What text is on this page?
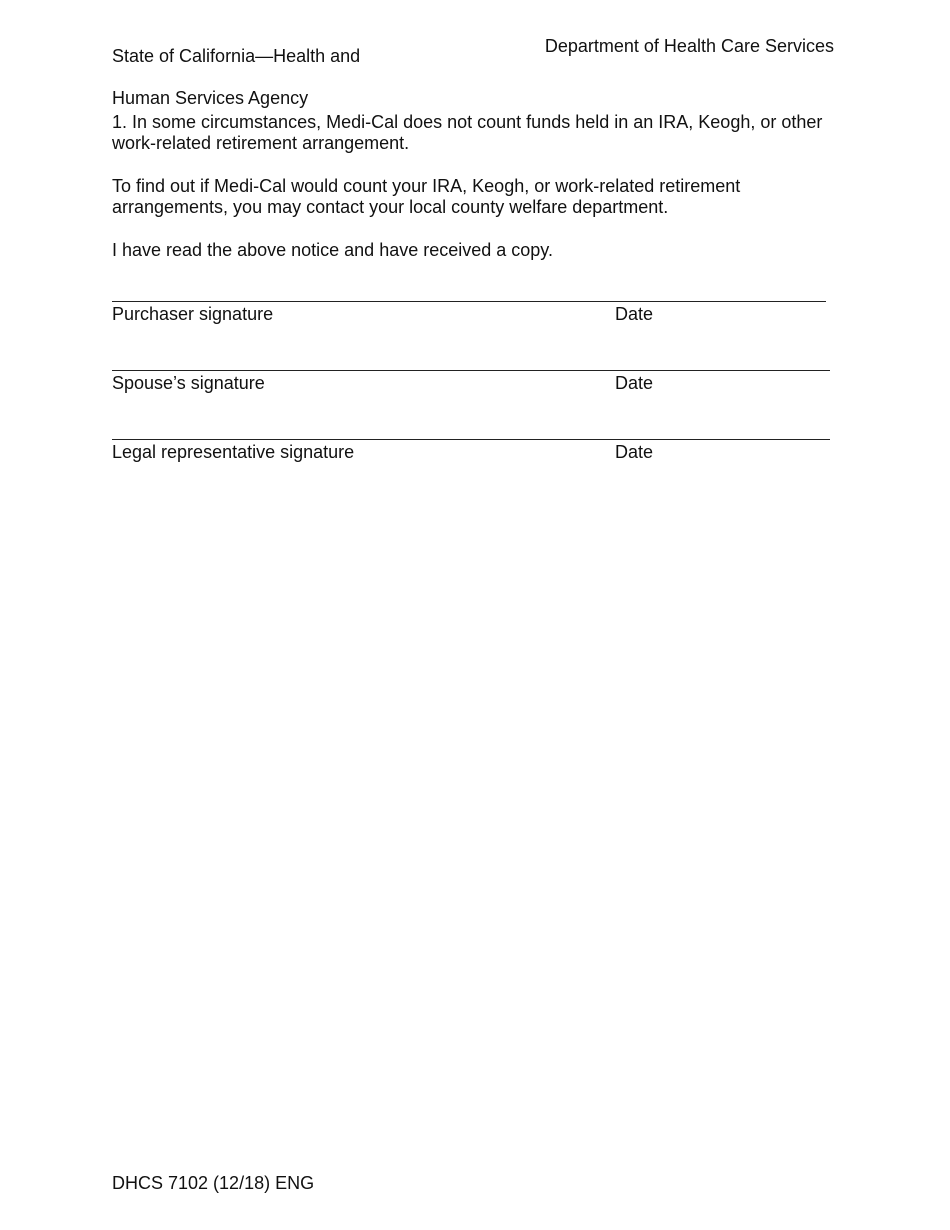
State of California—Health and

Human Services Agency

Department of Health Care Services
1. In some circumstances, Medi-Cal does not count funds held in an IRA, Keogh, or other work-related retirement arrangement.
To find out if Medi-Cal would count your IRA, Keogh, or work-related retirement arrangements, you may contact your local county welfare department.
I have read the above notice and have received a copy.
Purchaser signature	Date
Spouse’s signature	Date
Legal representative signature	Date
DHCS 7102 (12/18) ENG
